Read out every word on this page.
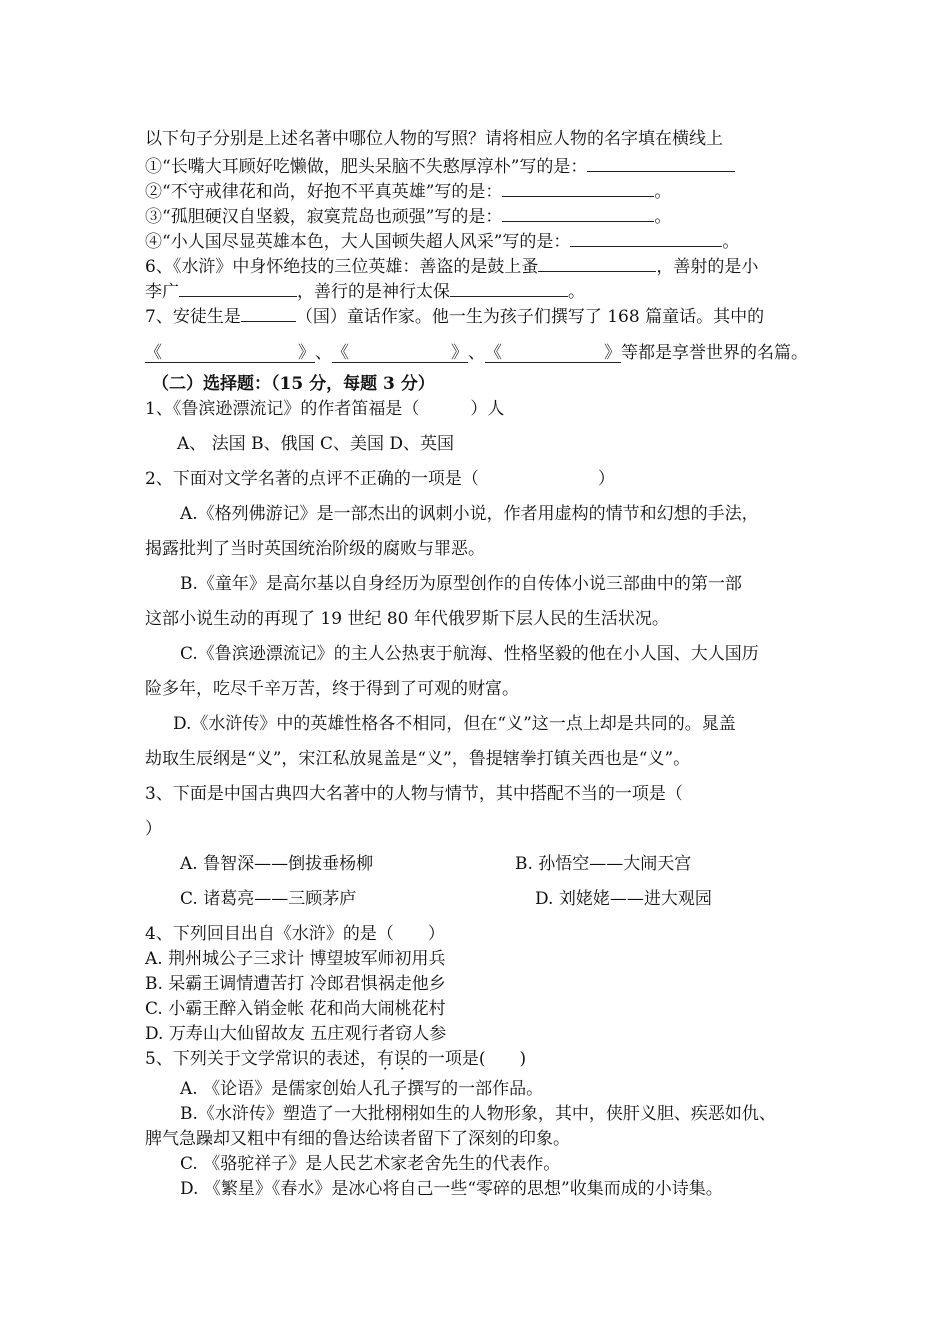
以下句子分别是上述名著中哪位人物的写照？请将相应人物的名字填在横线上
①“长嘴大耳顾好吃懒做，肥头呆脑不失憨厚淳朴”写的是：
②“不守戒律花和尚，好抱不平真英雄”写的是：	。
③“孤胆硬汉自坚毅，寂寞荒岛也顽强”写的是：	。
④“小人国尽显英雄本色，大人国顿失超人风采”写的是：	。
6、《水浒》中身怀绝技的三位英雄：善盗的是鼓上蚤	，善射的是小
李广	，善行的是神行太保	。
7、安徒生是	（国）童话作家。他一生为孩子们撰写了 168 篇童话。其中的
《	》、《	》、《	》等都是享誉世界的名篇。
（二）选择题：（15 分，每题 3 分）
1、《鲁滨逊漂流记》的作者笛福是（　　　）人
A、 法国 B、俄国 C、美国 D、英国
2、下面对文学名著的点评不正确的一项是（　　　　　　　）
A.《格列佛游记》是一部杰出的讽刺小说，作者用虚构的情节和幻想的手法，
揭露批判了当时英国统治阶级的腐败与罪恶。
B.《童年》是高尔基以自身经历为原型创作的自传体小说三部曲中的第一部
这部小说生动的再现了 19 世纪 80 年代俄罗斯下层人民的生活状况。
C.《鲁滨逊漂流记》的主人公热衷于航海、性格坚毅的他在小人国、大人国历
险多年，吃尽千辛万苦，终于得到了可观的财富。
D.《水浒传》中的英雄性格各不相同，但在“义”这一点上却是共同的。晁盖
劫取生辰纲是“义”，宋江私放晁盖是“义”，鲁提辖拳打镇关西也是“义”。
3、下面是中国古典四大名著中的人物与情节，其中搭配不当的一项是（
）
A. 鲁智深——倒拔垂杨柳	B. 孙悟空——大闹天宫
C. 诸葛亮——三顾茅庐	D. 刘姥姥——进大观园
4、下列回目出自《水浒》的是（　　）
A. 荆州城公子三求计 博望坡军师初用兵
B. 呆霸王调情遭苦打 冷郎君惧祸走他乡
C. 小霸王醉入销金帐 花和尚大闹桃花村
D. 万寿山大仙留故友 五庄观行者窃人参
5、下列关于文学常识的表述，有误的一项是(　　)
A. 《论语》是儒家创始人孔子撰写的一部作品。
B.《水浒传》塑造了一大批栩栩如生的人物形象，其中，侠肝义胆、疾恶如仇、
脾气急躁却又粗中有细的鲁达给读者留下了深刻的印象。
C. 《骆驼祥子》是人民艺术家老舍先生的代表作。
D. 《繁星》《春水》是冰心将自己一些“零碎的思想”收集而成的小诗集。
